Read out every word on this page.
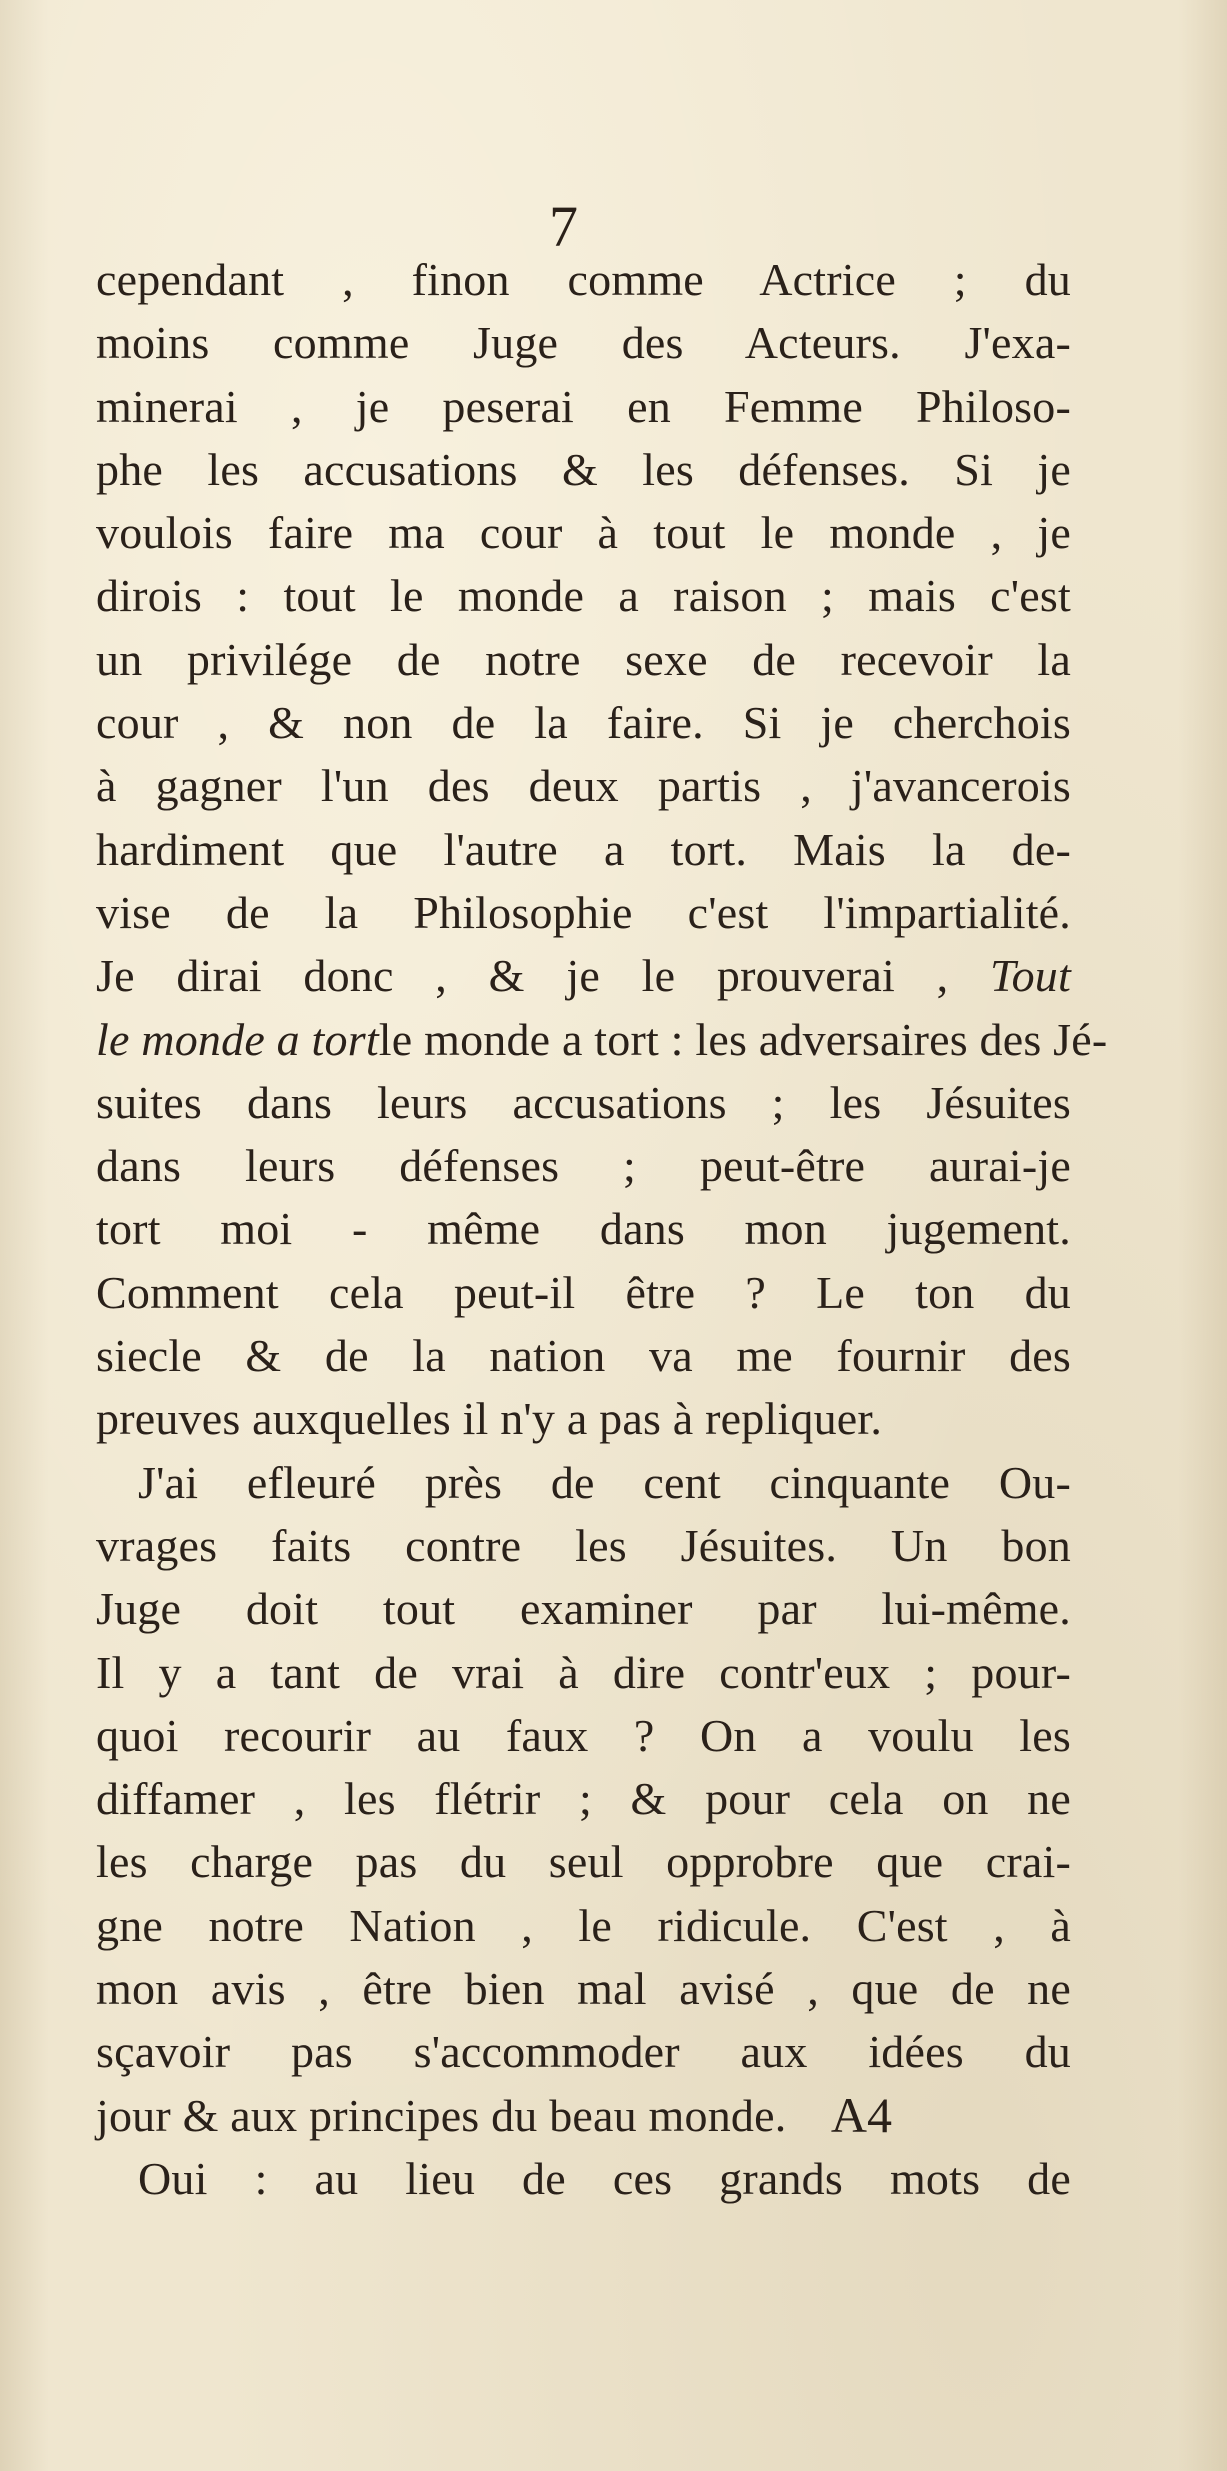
7
cependant , finon comme Actrice ; du
moins comme Juge des Acteurs. J'exa-
minerai , je peserai en Femme Philoso-
phe les accusations & les défenses. Si je
voulois faire ma cour à tout le monde , je
dirois : tout le monde a raison ; mais c'est
un privilége de notre sexe de recevoir la
cour , & non de la faire. Si je cherchois
à gagner l'un des deux partis , j'avancerois
hardiment que l'autre a tort. Mais la de-
vise de la Philosophie c'est l'impartialité.
Je dirai donc , & je le prouverai , Tout
le monde a tortle monde a tort : les adversaires des Jé-
suites dans leurs accusations ; les Jésuites
dans leurs défenses ; peut-être aurai-je
tort moi - même dans mon jugement.
Comment cela peut-il être ? Le ton du
siecle & de la nation va me fournir des
preuves auxquelles il n'y a pas à repliquer.
J'ai efleuré près de cent cinquante Ou-
vrages faits contre les Jésuites. Un bon
Juge doit tout examiner par lui-même.
Il y a tant de vrai à dire contr'eux ; pour-
quoi recourir au faux ? On a voulu les
diffamer , les flétrir ; & pour cela on ne
les charge pas du seul opprobre que crai-
gne notre Nation , le ridicule. C'est , à
mon avis , être bien mal avisé , que de ne
sçavoir pas s'accommoder aux idées du
jour & aux principes du beau monde.
Oui : au lieu de ces grands mots de
A4
